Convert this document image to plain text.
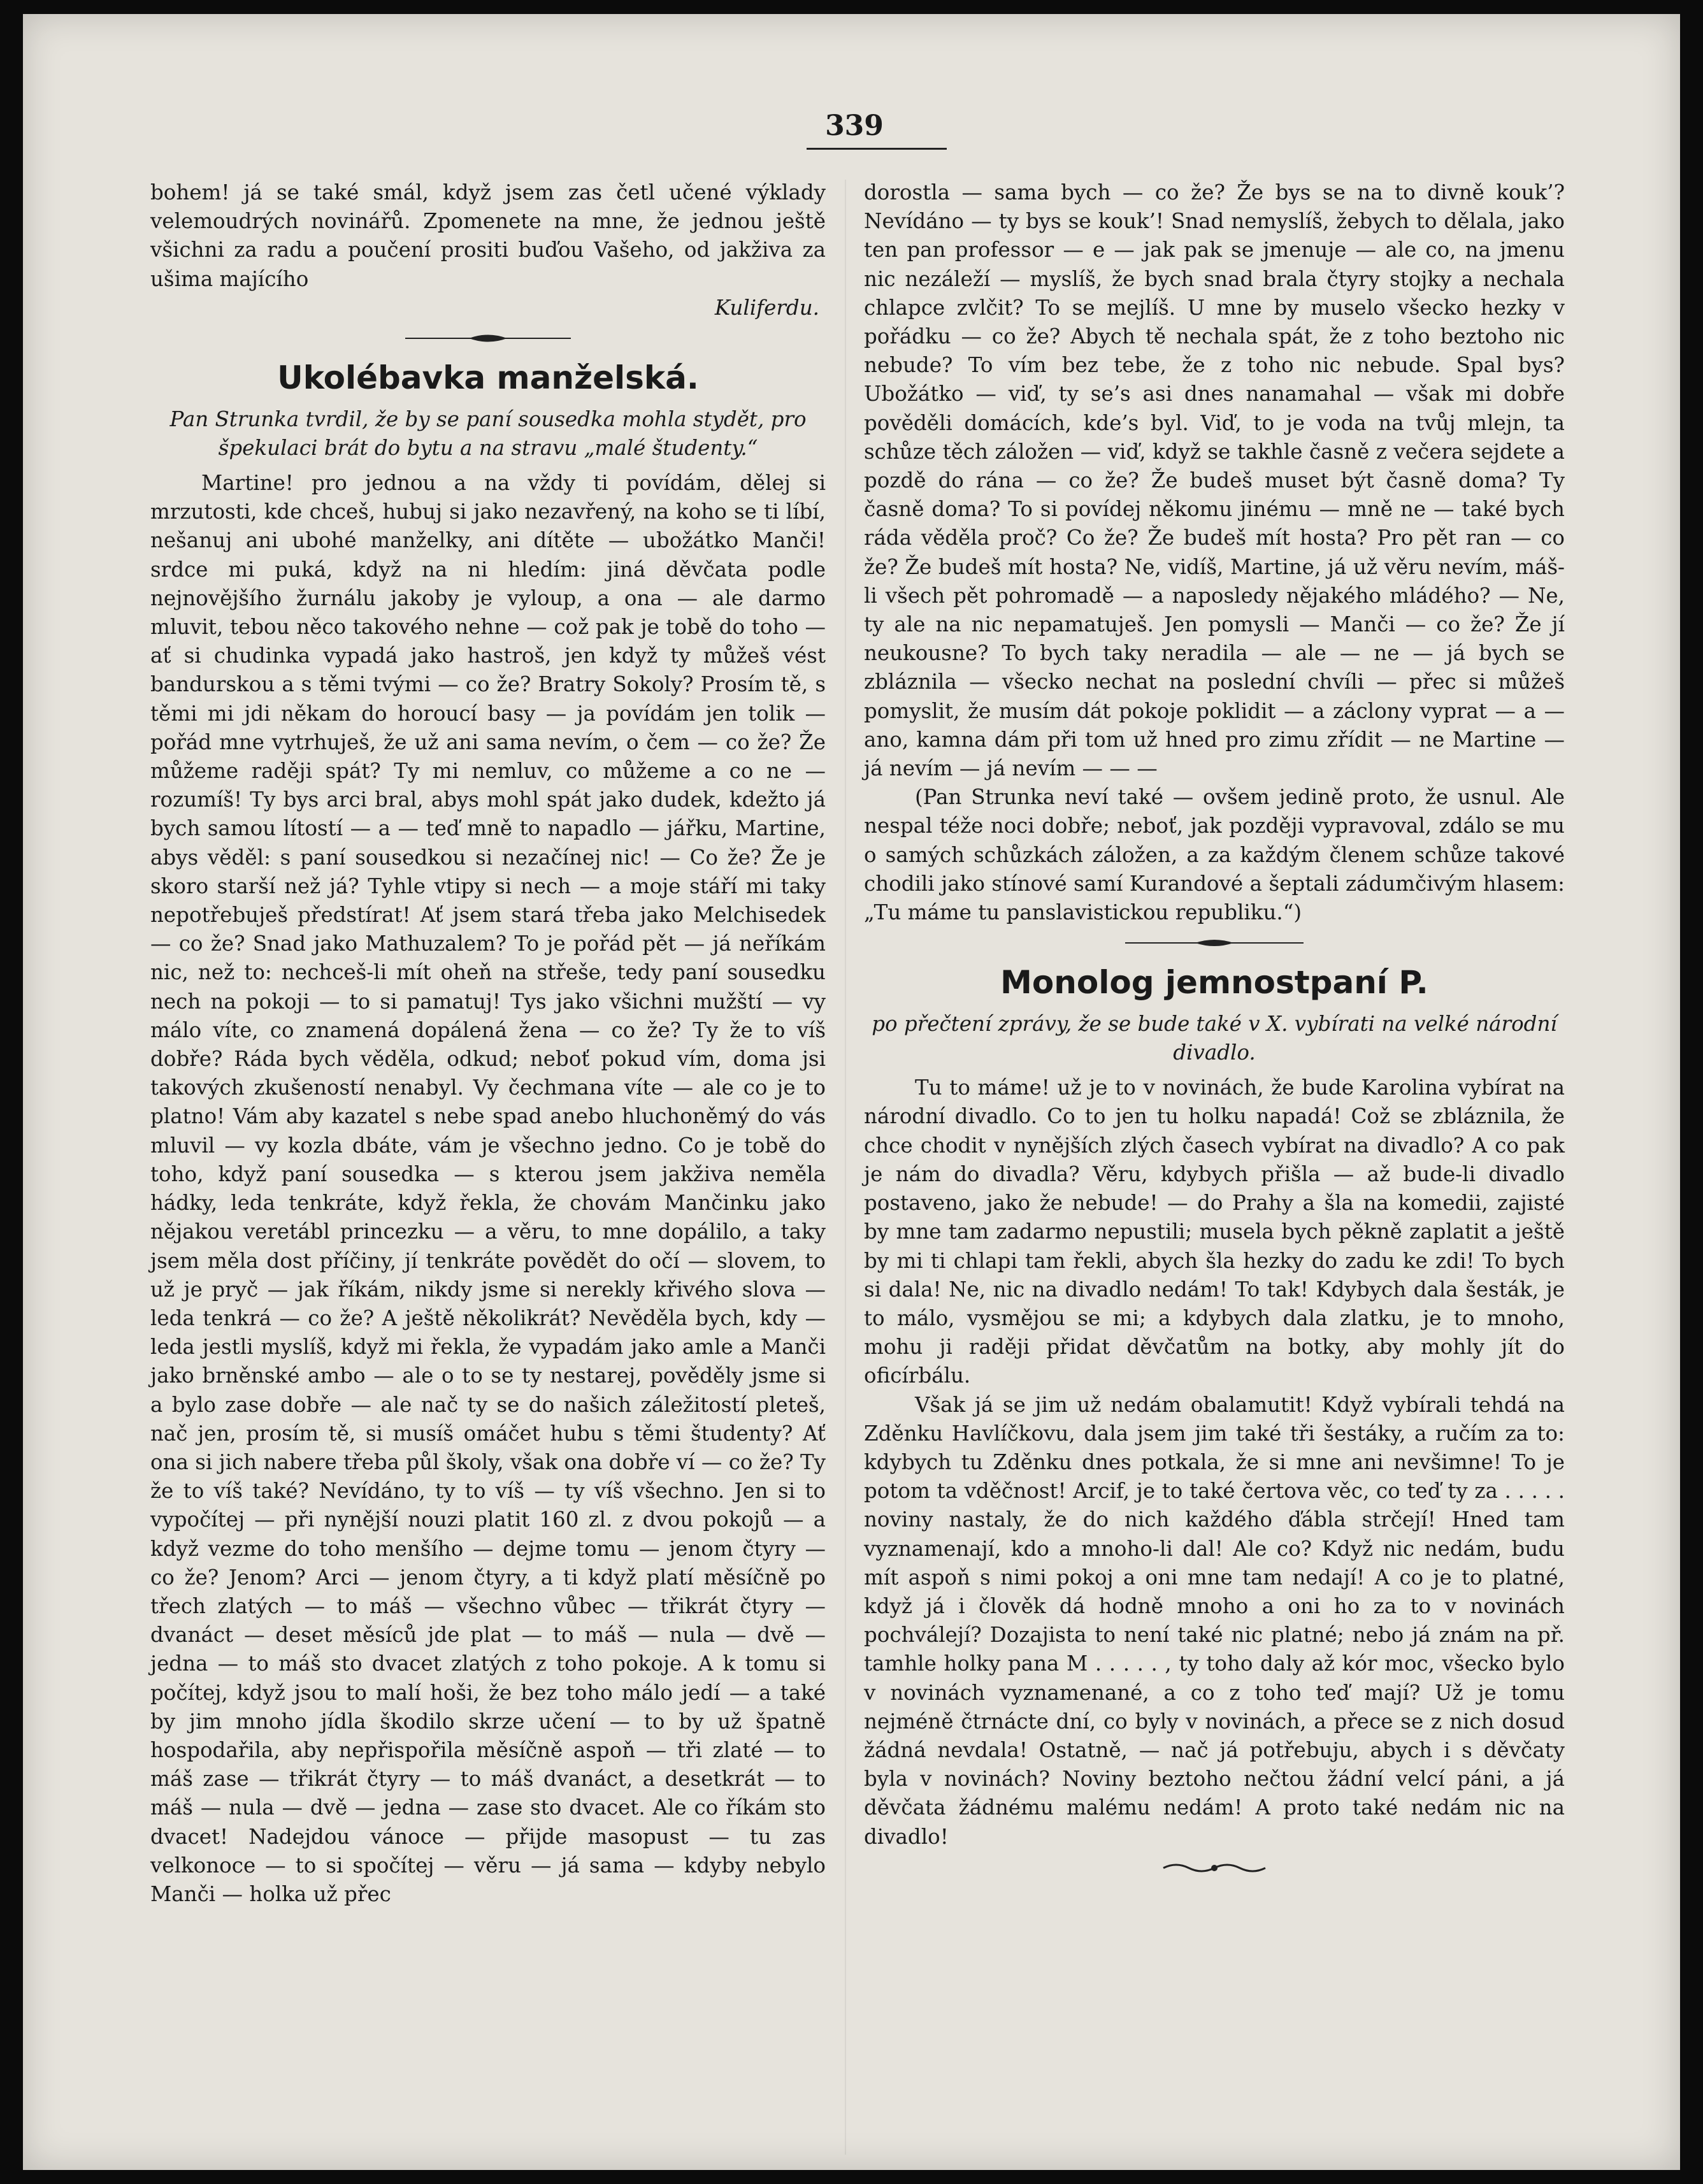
339

bohem! já se také smál, když jsem zas četl učené výklady velemoudrých novinářů. Zpomenete na mne, že jednou ještě všichni za radu a poučení prositi buďou Vašeho, od jakživa za ušima majícího

Kuliferdu.

Ukolébavka manželská.

Pan Strunka tvrdil, že by se paní sousedka mohla stydět, pro špekulaci brát do bytu a na stravu „malé študenty.“

Martine! pro jednou a na vždy ti povídám, dělej si mrzutosti, kde chceš, hubuj si jako nezavřený, na koho se ti líbí, nešanuj ani ubohé manželky, ani dítěte — ubožátko Manči! srdce mi puká, když na ni hledím: jiná děvčata podle nejnovějšího žurnálu jakoby je vyloup, a ona — ale darmo mluvit, tebou něco takového nehne — což pak je tobě do toho — ať si chudinka vypadá jako hastroš, jen když ty můžeš vést bandurskou a s těmi tvými — co že? Bratry Sokoly? Prosím tě, s těmi mi jdi někam do horoucí basy — ja povídám jen tolik — pořád mne vytrhuješ, že už ani sama nevím, o čem — co že? Že můžeme raději spát? Ty mi nemluv, co můžeme a co ne — rozumíš! Ty bys arci bral, abys mohl spát jako dudek, kdežto já bych samou lítostí — a — teď mně to napadlo — jářku, Martine, abys věděl: s paní sousedkou si nezačínej nic! — Co že? Že je skoro starší než já? Tyhle vtipy si nech — a moje stáří mi taky nepotřebuješ předstírat! Ať jsem stará třeba jako Melchisedek — co že? Snad jako Mathuzalem? To je pořád pět — já neříkám nic, než to: nechceš-li mít oheň na střeše, tedy paní sousedku nech na pokoji — to si pamatuj! Tys jako všichni mužští — vy málo víte, co znamená dopálená žena — co že? Ty že to víš dobře? Ráda bych věděla, odkud; neboť pokud vím, doma jsi takových zkušeností nenabyl. Vy čechmana víte — ale co je to platno! Vám aby kazatel s nebe spad anebo hluchoněmý do vás mluvil — vy kozla dbáte, vám je všechno jedno. Co je tobě do toho, když paní sousedka — s kterou jsem jakživa neměla hádky, leda tenkráte, když řekla, že chovám Mančinku jako nějakou veretábl princezku — a věru, to mne dopálilo, a taky jsem měla dost příčiny, jí tenkráte povědět do očí — slovem, to už je pryč — jak říkám, nikdy jsme si nerekly křivého slova — leda tenkrá — co že? A ještě několikrát? Nevěděla bych, kdy — leda jestli myslíš, když mi řekla, že vypadám jako amle a Manči jako brněnské ambo — ale o to se ty nestarej, pověděly jsme si a bylo zase dobře — ale nač ty se do našich záležitostí pleteš, nač jen, prosím tě, si musíš omáčet hubu s těmi študenty? Ať ona si jich nabere třeba půl školy, však ona dobře ví — co že? Ty že to víš také? Nevídáno, ty to víš — ty víš všechno. Jen si to vypočítej — při nynější nouzi platit 160 zl. z dvou pokojů — a když vezme do toho menšího — dejme tomu — jenom čtyry — co že? Jenom? Arci — jenom čtyry, a ti když platí měsíčně po třech zlatých — to máš — všechno vůbec — třikrát čtyry — dvanáct — deset měsíců jde plat — to máš — nula — dvě — jedna — to máš sto dvacet zlatých z toho pokoje. A k tomu si počítej, když jsou to malí hoši, že bez toho málo jedí — a také by jim mnoho jídla škodilo skrze učení — to by už špatně hospodařila, aby nepřispořila měsíčně aspoň — tři zlaté — to máš zase — třikrát čtyry — to máš dvanáct, a desetkrát — to máš — nula — dvě — jedna — zase sto dvacet. Ale co říkám sto dvacet! Nadejdou vánoce — přijde masopust — tu zas velkonoce — to si spočítej — věru — já sama — kdyby nebylo Manči — holka už přec

dorostla — sama bych — co že? Že bys se na to divně kouk’? Nevídáno — ty bys se kouk’! Snad nemyslíš, žebych to dělala, jako ten pan professor — e — jak pak se jmenuje — ale co, na jmenu nic nezáleží — myslíš, že bych snad brala čtyry stojky a nechala chlapce zvlčit? To se mejlíš. U mne by muselo všecko hezky v pořádku — co že? Abych tě nechala spát, že z toho beztoho nic nebude? To vím bez tebe, že z toho nic nebude. Spal bys? Ubožátko — viď, ty se’s asi dnes nanamahal — však mi dobře pověděli domácích, kde’s byl. Viď, to je voda na tvůj mlejn, ta schůze těch záložen — viď, když se takhle časně z večera sejdete a pozdě do rána — co že? Že budeš muset být časně doma? Ty časně doma? To si povídej někomu jinému — mně ne — také bych ráda věděla proč? Co že? Že budeš mít hosta? Pro pět ran — co že? Že budeš mít hosta? Ne, vidíš, Martine, já už věru nevím, máš-li všech pět pohromadě — a naposledy nějakého mládého? — Ne, ty ale na nic nepamatuješ. Jen pomysli — Manči — co že? Že jí neukousne? To bych taky neradila — ale — ne — já bych se zbláznila — všecko nechat na poslední chvíli — přec si můžeš pomyslit, že musím dát pokoje poklidit — a záclony vyprat — a — ano, kamna dám při tom už hned pro zimu zřídit — ne Martine — já nevím — já nevím — — —

(Pan Strunka neví také — ovšem jedině proto, že usnul. Ale nespal téže noci dobře; neboť, jak později vypravoval, zdálo se mu o samých schůzkách záložen, a za každým členem schůze takové chodili jako stínové samí Kurandové a šeptali zádumčivým hlasem: „Tu máme tu panslavistickou republiku.“)

Monolog jemnostpaní P.

po přečtení zprávy, že se bude také v X. vybírati na velké národní divadlo.

Tu to máme! už je to v novinách, že bude Karolina vybírat na národní divadlo. Co to jen tu holku napadá! Což se zbláznila, že chce chodit v nynějších zlých časech vybírat na divadlo? A co pak je nám do divadla? Věru, kdybych přišla — až bude-li divadlo postaveno, jako že nebude! — do Prahy a šla na komedii, zajisté by mne tam zadarmo nepustili; musela bych pěkně zaplatit a ještě by mi ti chlapi tam řekli, abych šla hezky do zadu ke zdi! To bych si dala! Ne, nic na divadlo nedám! To tak! Kdybych dala šesták, je to málo, vysmějou se mi; a kdybych dala zlatku, je to mnoho, mohu ji raději přidat děvčatům na botky, aby mohly jít do oficírbálu.

Však já se jim už nedám obalamutit! Když vybírali tehdá na Zděnku Havlíčkovu, dala jsem jim také tři šestáky, a ručím za to: kdybych tu Zděnku dnes potkala, že si mne ani nevšimne! To je potom ta vděčnost! Arcif, je to také čertova věc, co teď ty za . . . . . noviny nastaly, že do nich každého ďábla strčejí! Hned tam vyznamenají, kdo a mnoho-li dal! Ale co? Když nic nedám, budu mít aspoň s nimi pokoj a oni mne tam nedají! A co je to platné, když já i člověk dá hodně mnoho a oni ho za to v novinách pochválejí? Dozajista to není také nic platné; nebo já znám na př. tamhle holky pana M . . . . . , ty toho daly až kór moc, všecko bylo v novinách vyznamenané, a co z toho teď mají? Už je tomu nejméně čtrnácte dní, co byly v novinách, a přece se z nich dosud žádná nevdala! Ostatně, — nač já potřebuju, abych i s děvčaty byla v novinách? Noviny beztoho nečtou žádní velcí páni, a já děvčata žádnému malému nedám! A proto také nedám nic na divadlo!
